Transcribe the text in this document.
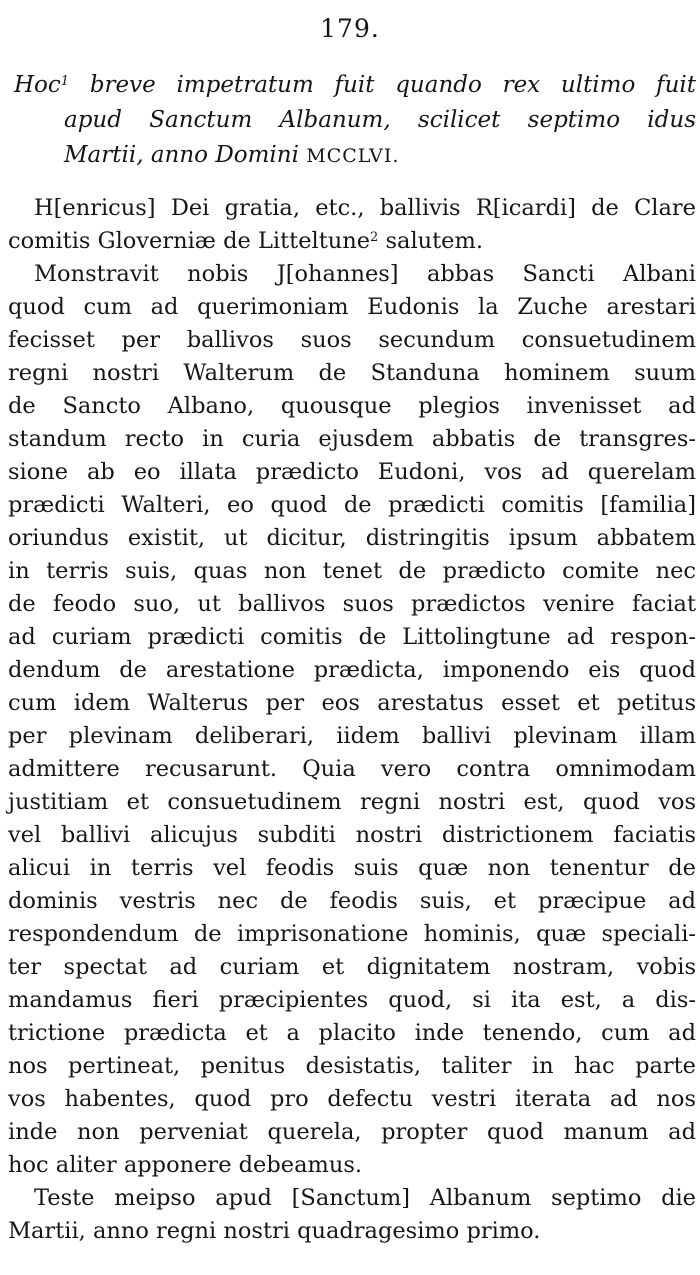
179.
Hoc$^1$ breve impetratum fuit quando rex ultimo fuit
apud Sanctum Albanum, scilicet septimo idus
Martii, anno Domini MCCLVI.

H[enricus] Dei gratia, etc., ballivis R[icardi] de Clare
comitis Gloverniæ de Litteltune$^2$ salutem.

Monstravit nobis J[ohannes] abbas Sancti Albani
quod cum ad querimoniam Eudonis la Zuche arestari
fecisset per ballivos suos secundum consuetudinem
regni nostri Walterum de Standuna hominem suum
de Sancto Albano, quousque plegios invenisset ad
standum recto in curia ejusdem abbatis de transgres-
sione ab eo illata prædicto Eudoni, vos ad querelam
prædicti Walteri, eo quod de prædicti comitis [familia]
oriundus existit, ut dicitur, distringitis ipsum abbatem
in terris suis, quas non tenet de prædicto comite nec
de feodo suo, ut ballivos suos prædictos venire faciat
ad curiam prædicti comitis de Littolingtune ad respon-
dendum de arestatione prædicta, imponendo eis quod
cum idem Walterus per eos arestatus esset et petitus
per plevinam deliberari, iidem ballivi plevinam illam
admittere recusarunt. Quia vero contra omnimodam
justitiam et consuetudinem regni nostri est, quod vos
vel ballivi alicujus subditi nostri districtionem faciatis
alicui in terris vel feodis suis quæ non tenentur de
dominis vestris nec de feodis suis, et præcipue ad
respondendum de imprisonatione hominis, quæ speciali-
ter spectat ad curiam et dignitatem nostram, vobis
mandamus fieri præcipientes quod, si ita est, a dis-
trictione prædicta et a placito inde tenendo, cum ad
nos pertineat, penitus desistatis, taliter in hac parte
vos habentes, quod pro defectu vestri iterata ad nos
inde non perveniat querela, propter quod manum ad
hoc aliter apponere debeamus.

Teste meipso apud [Sanctum] Albanum septimo die
Martii, anno regni nostri quadragesimo primo.
